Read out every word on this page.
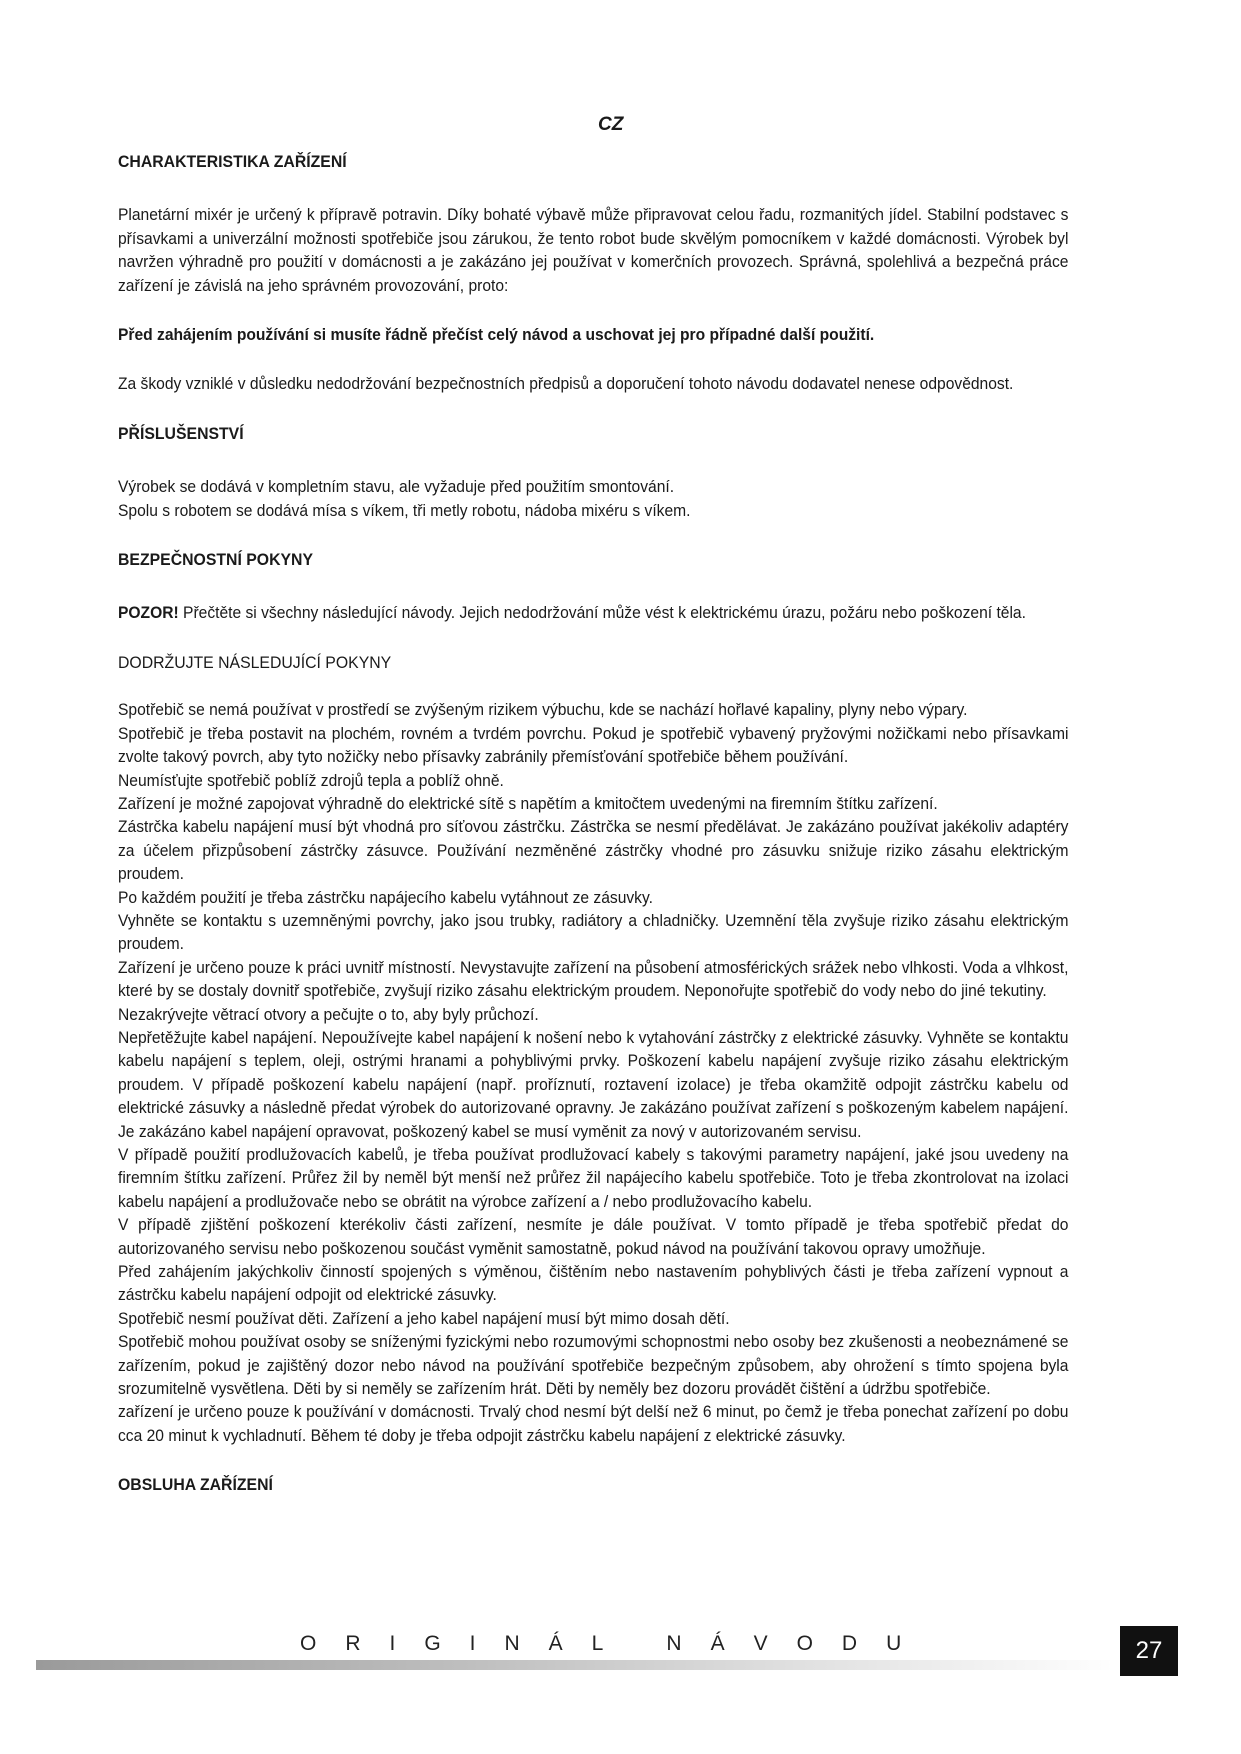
CZ
CHARAKTERISTIKA ZAŘÍZENÍ

Planetární mixér je určený k přípravě potravin. Díky bohaté výbavě může připravovat celou řadu, rozmanitých jídel. Stabilní podstavec s přísavkami a univerzální možnosti spotřebiče jsou zárukou, že tento robot bude skvělým pomocníkem v každé domácnosti. Výrobek byl navržen výhradně pro použití v domácnosti a je zakázáno jej používat v komerčních provozech. Správná, spolehlivá a bezpečná práce zařízení je závislá na jeho správném provozování, proto:

Před zahájením používání si musíte řádně přečíst celý návod a uschovat jej pro případné další použití.

Za škody vzniklé v důsledku nedodržování bezpečnostních předpisů a doporučení tohoto návodu dodavatel nenese odpovědnost.

PŘÍSLUŠENSTVÍ

Výrobek se dodává v kompletním stavu, ale vyžaduje před použitím smontování.
Spolu s robotem se dodává mísa s víkem, tři metly robotu, nádoba mixéru s víkem.

BEZPEČNOSTNÍ POKYNY

POZOR! Přečtěte si všechny následující návody. Jejich nedodržování může vést k elektrickému úrazu, požáru nebo poškození těla.

DODRŽUJTE NÁSLEDUJÍCÍ POKYNY

Spotřebič se nemá používat v prostředí se zvýšeným rizikem výbuchu, kde se nachází hořlavé kapaliny, plyny nebo výpary.

Spotřebič je třeba postavit na plochém, rovném a tvrdém povrchu. Pokud je spotřebič vybavený pryžovými nožičkami nebo přísavkami zvolte takový povrch, aby tyto nožičky nebo přísavky zabránily přemísťování spotřebiče během používání.

Neumísťujte spotřebič poblíž zdrojů tepla a poblíž ohně.

Zařízení je možné zapojovat výhradně do elektrické sítě s napětím a kmitočtem uvedenými na firemním štítku zařízení.

Zástrčka kabelu napájení musí být vhodná pro síťovou zástrčku. Zástrčka se nesmí předělávat. Je zakázáno používat jakékoliv adaptéry za účelem přizpůsobení zástrčky zásuvce. Používání nezměněné zástrčky vhodné pro zásuvku snižuje riziko zásahu elektrickým proudem.

Po každém použití je třeba zástrčku napájecího kabelu vytáhnout ze zásuvky.

Vyhněte se kontaktu s uzemněnými povrchy, jako jsou trubky, radiátory a chladničky. Uzemnění těla zvyšuje riziko zásahu elektrickým proudem.

Zařízení je určeno pouze k práci uvnitř místností. Nevystavujte zařízení na působení atmosférických srážek nebo vlhkosti. Voda a vlhkost, které by se dostaly dovnitř spotřebiče, zvyšují riziko zásahu elektrickým proudem. Neponořujte spotřebič do vody nebo do jiné tekutiny.

Nezakrývejte větrací otvory a pečujte o to, aby byly průchozí.

Nepřetěžujte kabel napájení. Nepoužívejte kabel napájení k nošení nebo k vytahování zástrčky z elektrické zásuvky. Vyhněte se kontaktu kabelu napájení s teplem, oleji, ostrými hranami a pohyblivými prvky. Poškození kabelu napájení zvyšuje riziko zásahu elektrickým proudem. V případě poškození kabelu napájení (např. proříznutí, roztavení izolace) je třeba okamžitě odpojit zástrčku kabelu od elektrické zásuvky a následně předat výrobek do autorizované opravny. Je zakázáno používat zařízení s poškozeným kabelem napájení. Je zakázáno kabel napájení opravovat, poškozený kabel se musí vyměnit za nový v autorizovaném servisu.

V případě použití prodlužovacích kabelů, je třeba používat prodlužovací kabely s takovými parametry napájení, jaké jsou uvedeny na firemním štítku zařízení. Průřez žil by neměl být menší než průřez žil napájecího kabelu spotřebiče. Toto je třeba zkontrolovat na izolaci kabelu napájení a prodlužovače nebo se obrátit na výrobce zařízení a / nebo prodlužovacího kabelu.

V případě zjištění poškození kterékoliv části zařízení, nesmíte je dále používat. V tomto případě je třeba spotřebič předat do autorizovaného servisu nebo poškozenou součást vyměnit samostatně, pokud návod na používání takovou opravy umožňuje.

Před zahájením jakýchkoliv činností spojených s výměnou, čištěním nebo nastavením pohyblivých části je třeba zařízení vypnout a zástrčku kabelu napájení odpojit od elektrické zásuvky.

Spotřebič nesmí používat děti. Zařízení a jeho kabel napájení musí být mimo dosah dětí.

Spotřebič mohou používat osoby se sníženými fyzickými nebo rozumovými schopnostmi nebo osoby bez zkušenosti a neobeznámené se zařízením, pokud je zajištěný dozor nebo návod na používání spotřebiče bezpečným způsobem, aby ohrožení s tímto spojena byla srozumitelně vysvětlena. Děti by si neměly se zařízením hrát. Děti by neměly bez dozoru provádět čištění a údržbu spotřebiče.

zařízení je určeno pouze k používání v domácnosti. Trvalý chod nesmí být delší než 6 minut, po čemž je třeba ponechat zařízení po dobu cca 20 minut k vychladnutí. Během té doby je třeba odpojit zástrčku kabelu napájení z elektrické zásuvky.

OBSLUHA ZAŘÍZENÍ
ORIGINÁL NÁVODU	27
